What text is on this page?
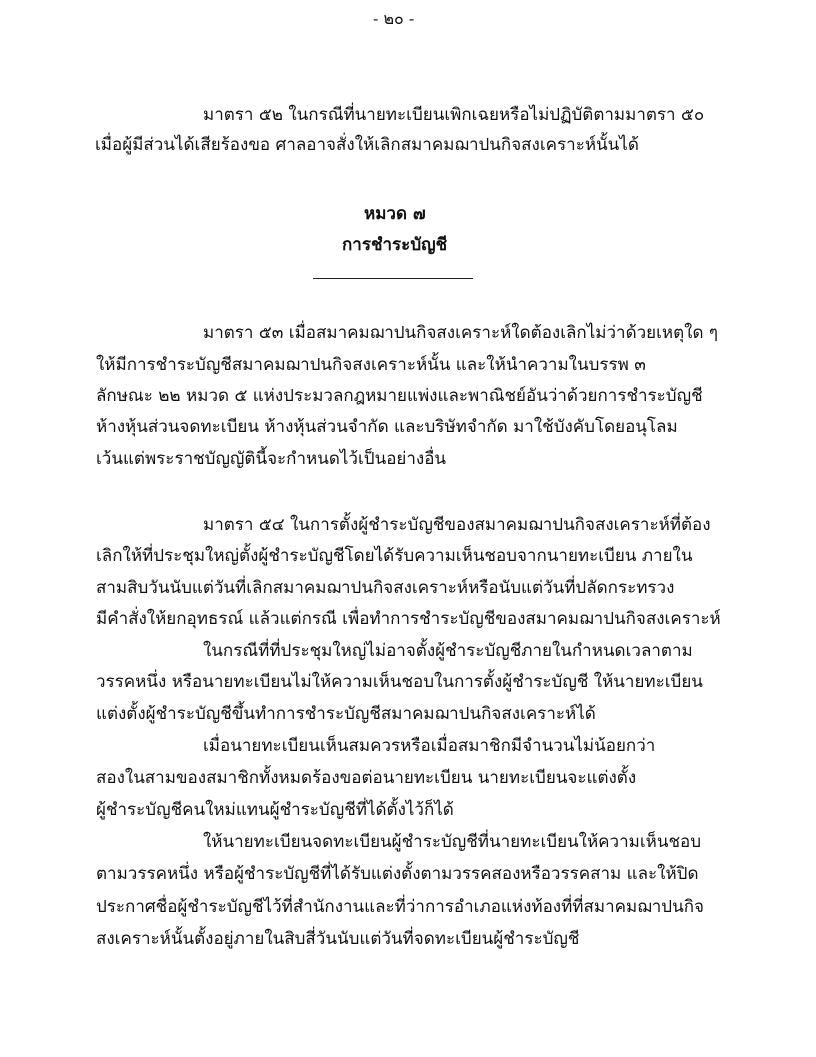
- ๒๐ -
มาตรา ๕๒ ในกรณีที่นายทะเบียนเพิกเฉยหรือไม่ปฏิบัติตามมาตรา ๕๐
เมื่อผู้มีส่วนได้เสียร้องขอ ศาลอาจสั่งให้เลิกสมาคมฌาปนกิจสงเคราะห์นั้นได้
หมวด ๗
การชำระบัญชี
มาตรา ๕๓ เมื่อสมาคมฌาปนกิจสงเคราะห์ใดต้องเลิกไม่ว่าด้วยเหตุใด ๆ
ให้มีการชำระบัญชีสมาคมฌาปนกิจสงเคราะห์นั้น และให้นำความในบรรพ ๓
ลักษณะ ๒๒ หมวด ๕ แห่งประมวลกฎหมายแพ่งและพาณิชย์อันว่าด้วยการชำระบัญชี
ห้างหุ้นส่วนจดทะเบียน ห้างหุ้นส่วนจำกัด และบริษัทจำกัด มาใช้บังคับโดยอนุโลม
เว้นแต่พระราชบัญญัตินี้จะกำหนดไว้เป็นอย่างอื่น
มาตรา ๕๔ ในการตั้งผู้ชำระบัญชีของสมาคมฌาปนกิจสงเคราะห์ที่ต้อง
เลิกให้ที่ประชุมใหญ่ตั้งผู้ชำระบัญชีโดยได้รับความเห็นชอบจากนายทะเบียน ภายใน
สามสิบวันนับแต่วันที่เลิกสมาคมฌาปนกิจสงเคราะห์หรือนับแต่วันที่ปลัดกระทรวง
มีคำสั่งให้ยกอุทธรณ์ แล้วแต่กรณี เพื่อทำการชำระบัญชีของสมาคมฌาปนกิจสงเคราะห์
ในกรณีที่ที่ประชุมใหญ่ไม่อาจตั้งผู้ชำระบัญชีภายในกำหนดเวลาตาม
วรรคหนึ่ง หรือนายทะเบียนไม่ให้ความเห็นชอบในการตั้งผู้ชำระบัญชี ให้นายทะเบียน
แต่งตั้งผู้ชำระบัญชีขึ้นทำการชำระบัญชีสมาคมฌาปนกิจสงเคราะห์ได้
เมื่อนายทะเบียนเห็นสมควรหรือเมื่อสมาชิกมีจำนวนไม่น้อยกว่า
สองในสามของสมาชิกทั้งหมดร้องขอต่อนายทะเบียน นายทะเบียนจะแต่งตั้ง
ผู้ชำระบัญชีคนใหม่แทนผู้ชำระบัญชีที่ได้ตั้งไว้ก็ได้
ให้นายทะเบียนจดทะเบียนผู้ชำระบัญชีที่นายทะเบียนให้ความเห็นชอบ
ตามวรรคหนึ่ง หรือผู้ชำระบัญชีที่ได้รับแต่งตั้งตามวรรคสองหรือวรรคสาม และให้ปิด
ประกาศชื่อผู้ชำระบัญชีไว้ที่สำนักงานและที่ว่าการอำเภอแห่งท้องที่ที่สมาคมฌาปนกิจ
สงเคราะห์นั้นตั้งอยู่ภายในสิบสี่วันนับแต่วันที่จดทะเบียนผู้ชำระบัญชี
